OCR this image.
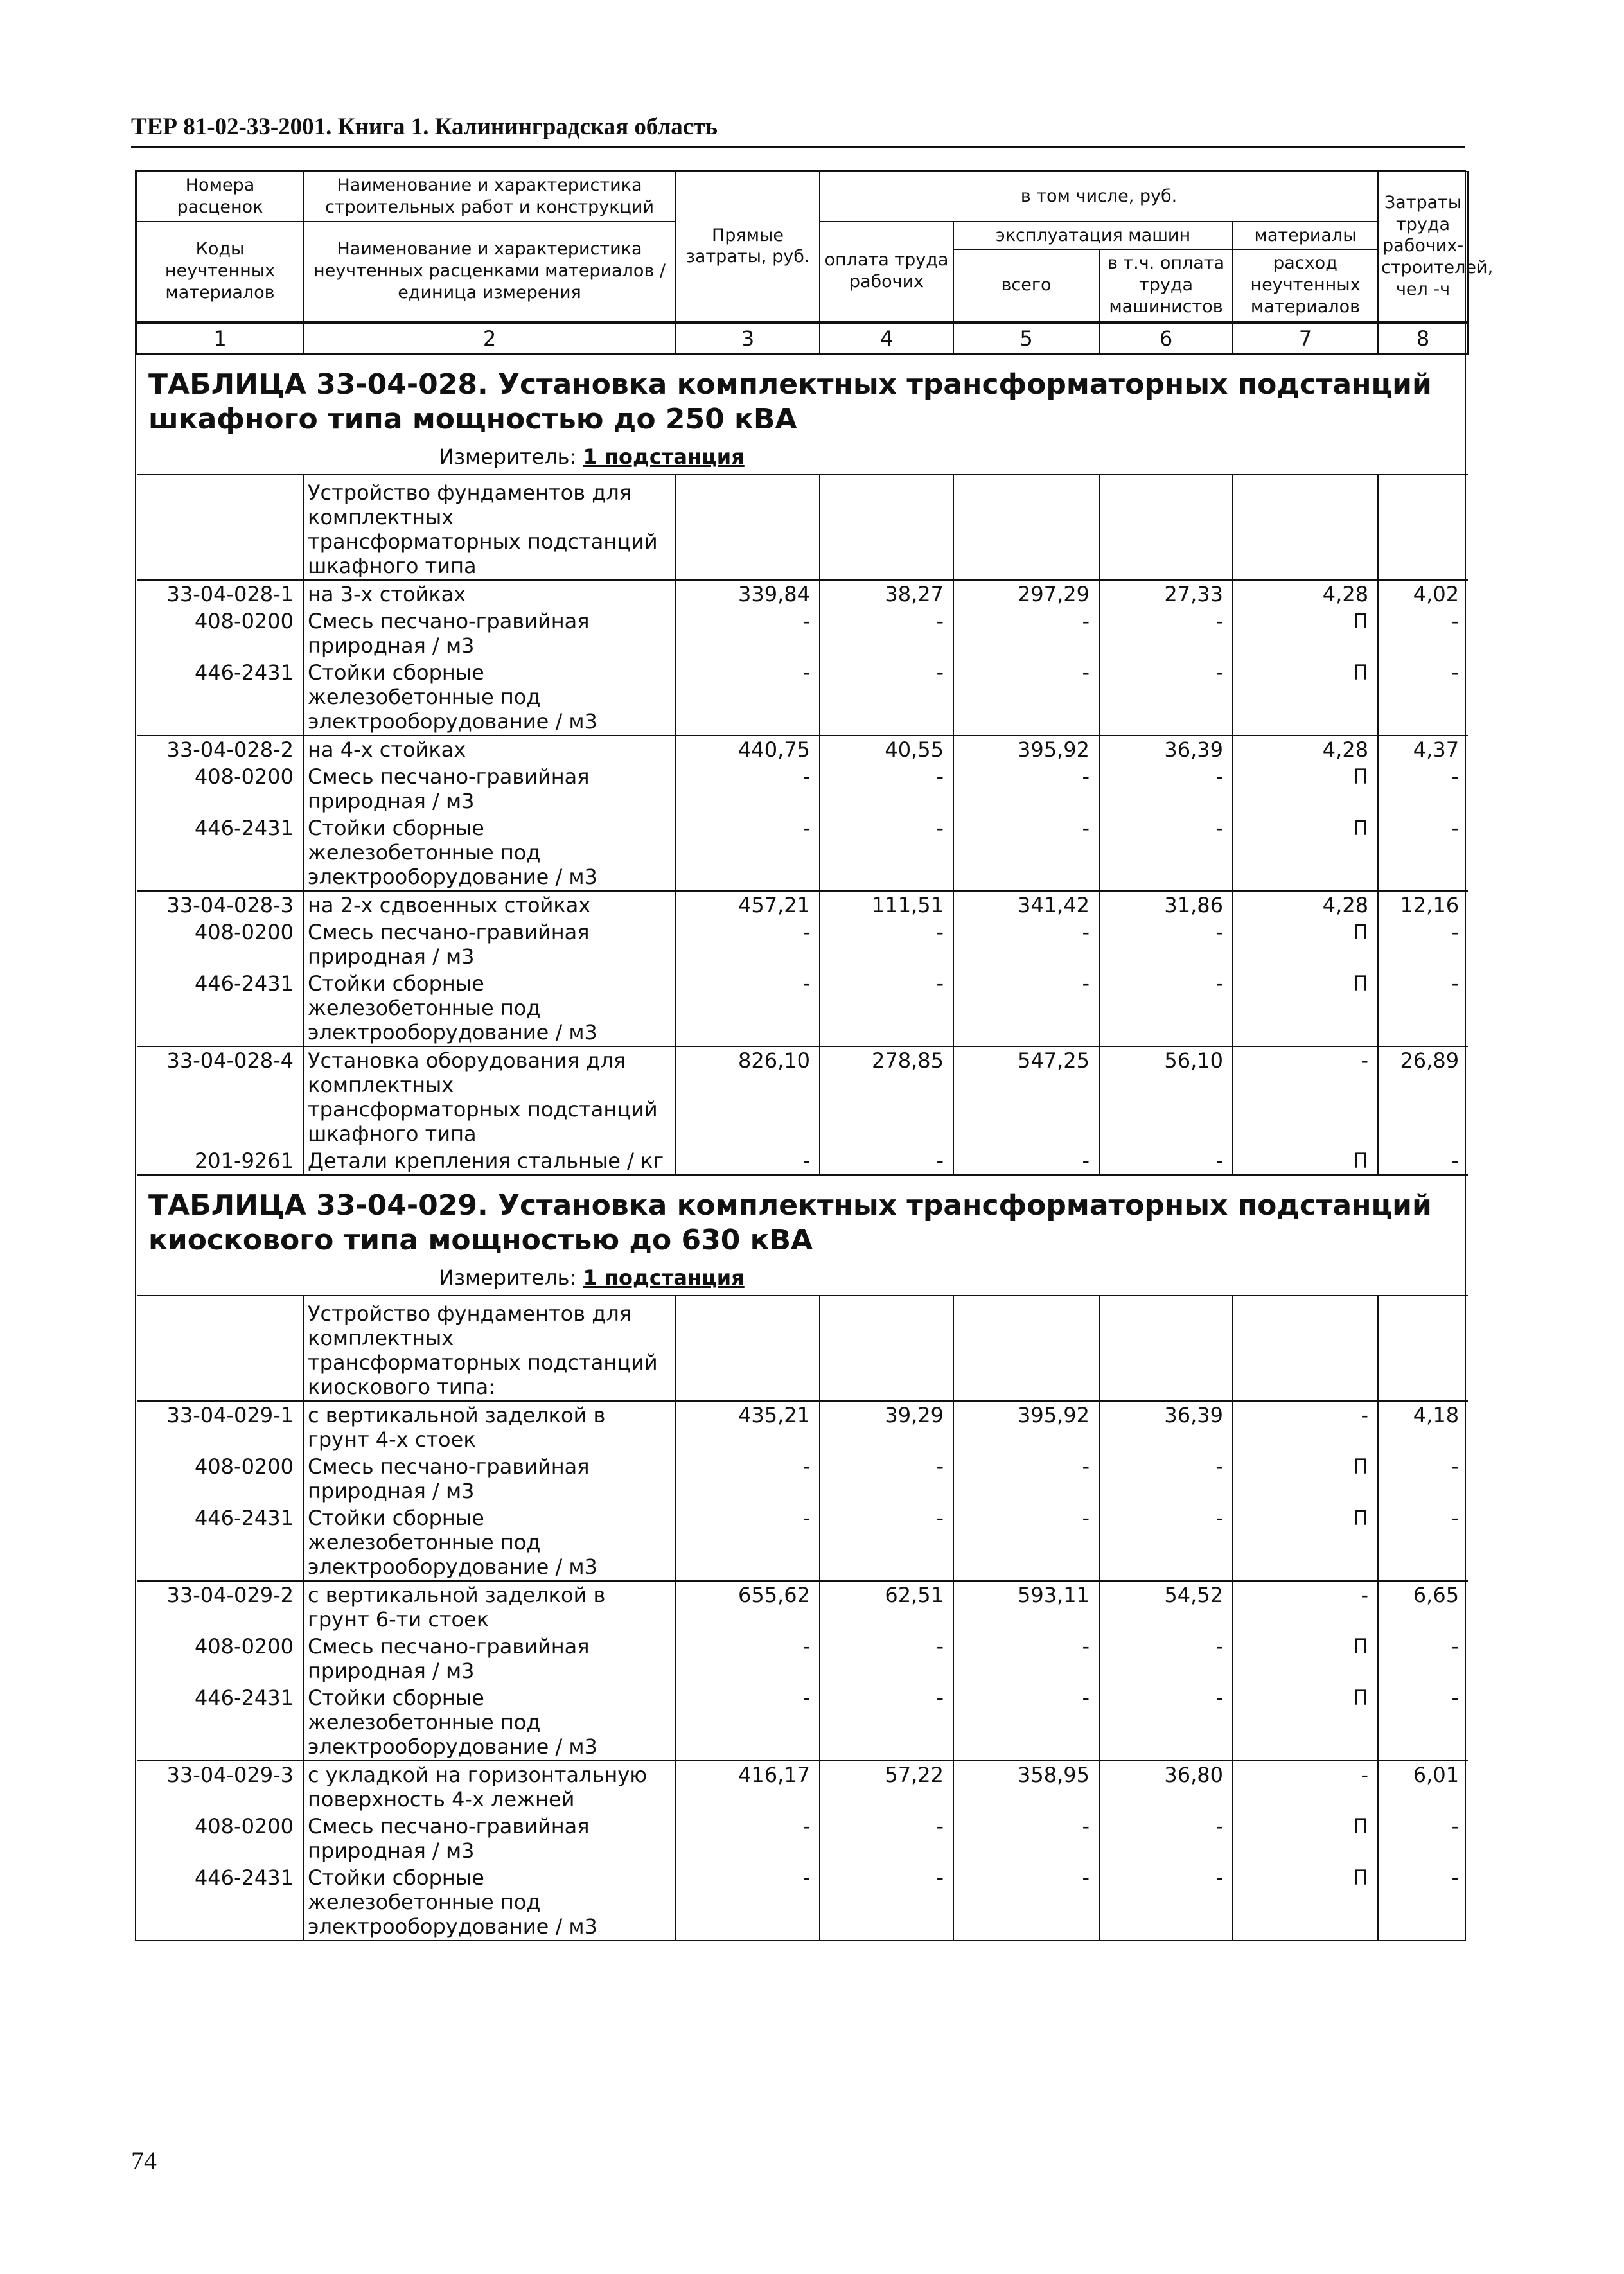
ТЕР 81-02-33-2001. Книга 1. Калининградская область
Номера расценок	Наименование и характеристика строительных работ и конструкций	Прямые затраты, руб.	в том числе, руб.				Затраты труда рабочих-строителей, чел -ч
Коды неучтенных материалов	Наименование и характеристика неучтенных расценками материалов / единица измерения		оплата труда рабочих	эксплуатация машин		материалы	
				всего	в т.ч. оплата труда машинистов	расход неучтенных материалов	
1	2	3	4	5	6	7	8
ТАБЛИЦА 33-04-028. Установка комплектных трансформаторных подстанций шкафного типа мощностью до 250 кВА							
Измеритель: 1 подстанция							
	Устройство фундаментов для комплектных трансформаторных подстанций шкафного типа						
33-04-028-1	на 3-х стойках	339,84	38,27	297,29	27,33	4,28	4,02
408-0200	Смесь песчано-гравийная природная / м3	-	-	-	-	П	-
446-2431	Стойки сборные железобетонные под электрооборудование / м3	-	-	-	-	П	-
33-04-028-2	на 4-х стойках	440,75	40,55	395,92	36,39	4,28	4,37
408-0200	Смесь песчано-гравийная природная / м3	-	-	-	-	П	-
446-2431	Стойки сборные железобетонные под электрооборудование / м3	-	-	-	-	П	-
33-04-028-3	на 2-х сдвоенных стойках	457,21	111,51	341,42	31,86	4,28	12,16
408-0200	Смесь песчано-гравийная природная / м3	-	-	-	-	П	-
446-2431	Стойки сборные железобетонные под электрооборудование / м3	-	-	-	-	П	-
33-04-028-4	Установка оборудования для комплектных трансформаторных подстанций шкафного типа	826,10	278,85	547,25	56,10	-	26,89
201-9261	Детали крепления стальные / кг	-	-	-	-	П	-
ТАБЛИЦА 33-04-029. Установка комплектных трансформаторных подстанций киоскового типа мощностью до 630 кВА							
Измеритель: 1 подстанция							
	Устройство фундаментов для комплектных трансформаторных подстанций киоскового типа:						
33-04-029-1	с вертикальной заделкой в грунт 4-х стоек	435,21	39,29	395,92	36,39	-	4,18
408-0200	Смесь песчано-гравийная природная / м3	-	-	-	-	П	-
446-2431	Стойки сборные железобетонные под электрооборудование / м3	-	-	-	-	П	-
33-04-029-2	с вертикальной заделкой в грунт 6-ти стоек	655,62	62,51	593,11	54,52	-	6,65
408-0200	Смесь песчано-гравийная природная / м3	-	-	-	-	П	-
446-2431	Стойки сборные железобетонные под электрооборудование / м3	-	-	-	-	П	-
33-04-029-3	с укладкой на горизонтальную поверхность 4-х лежней	416,17	57,22	358,95	36,80	-	6,01
408-0200	Смесь песчано-гравийная природная / м3	-	-	-	-	П	-
446-2431	Стойки сборные железобетонные под электрооборудование / м3	-	-	-	-	П	-
74
